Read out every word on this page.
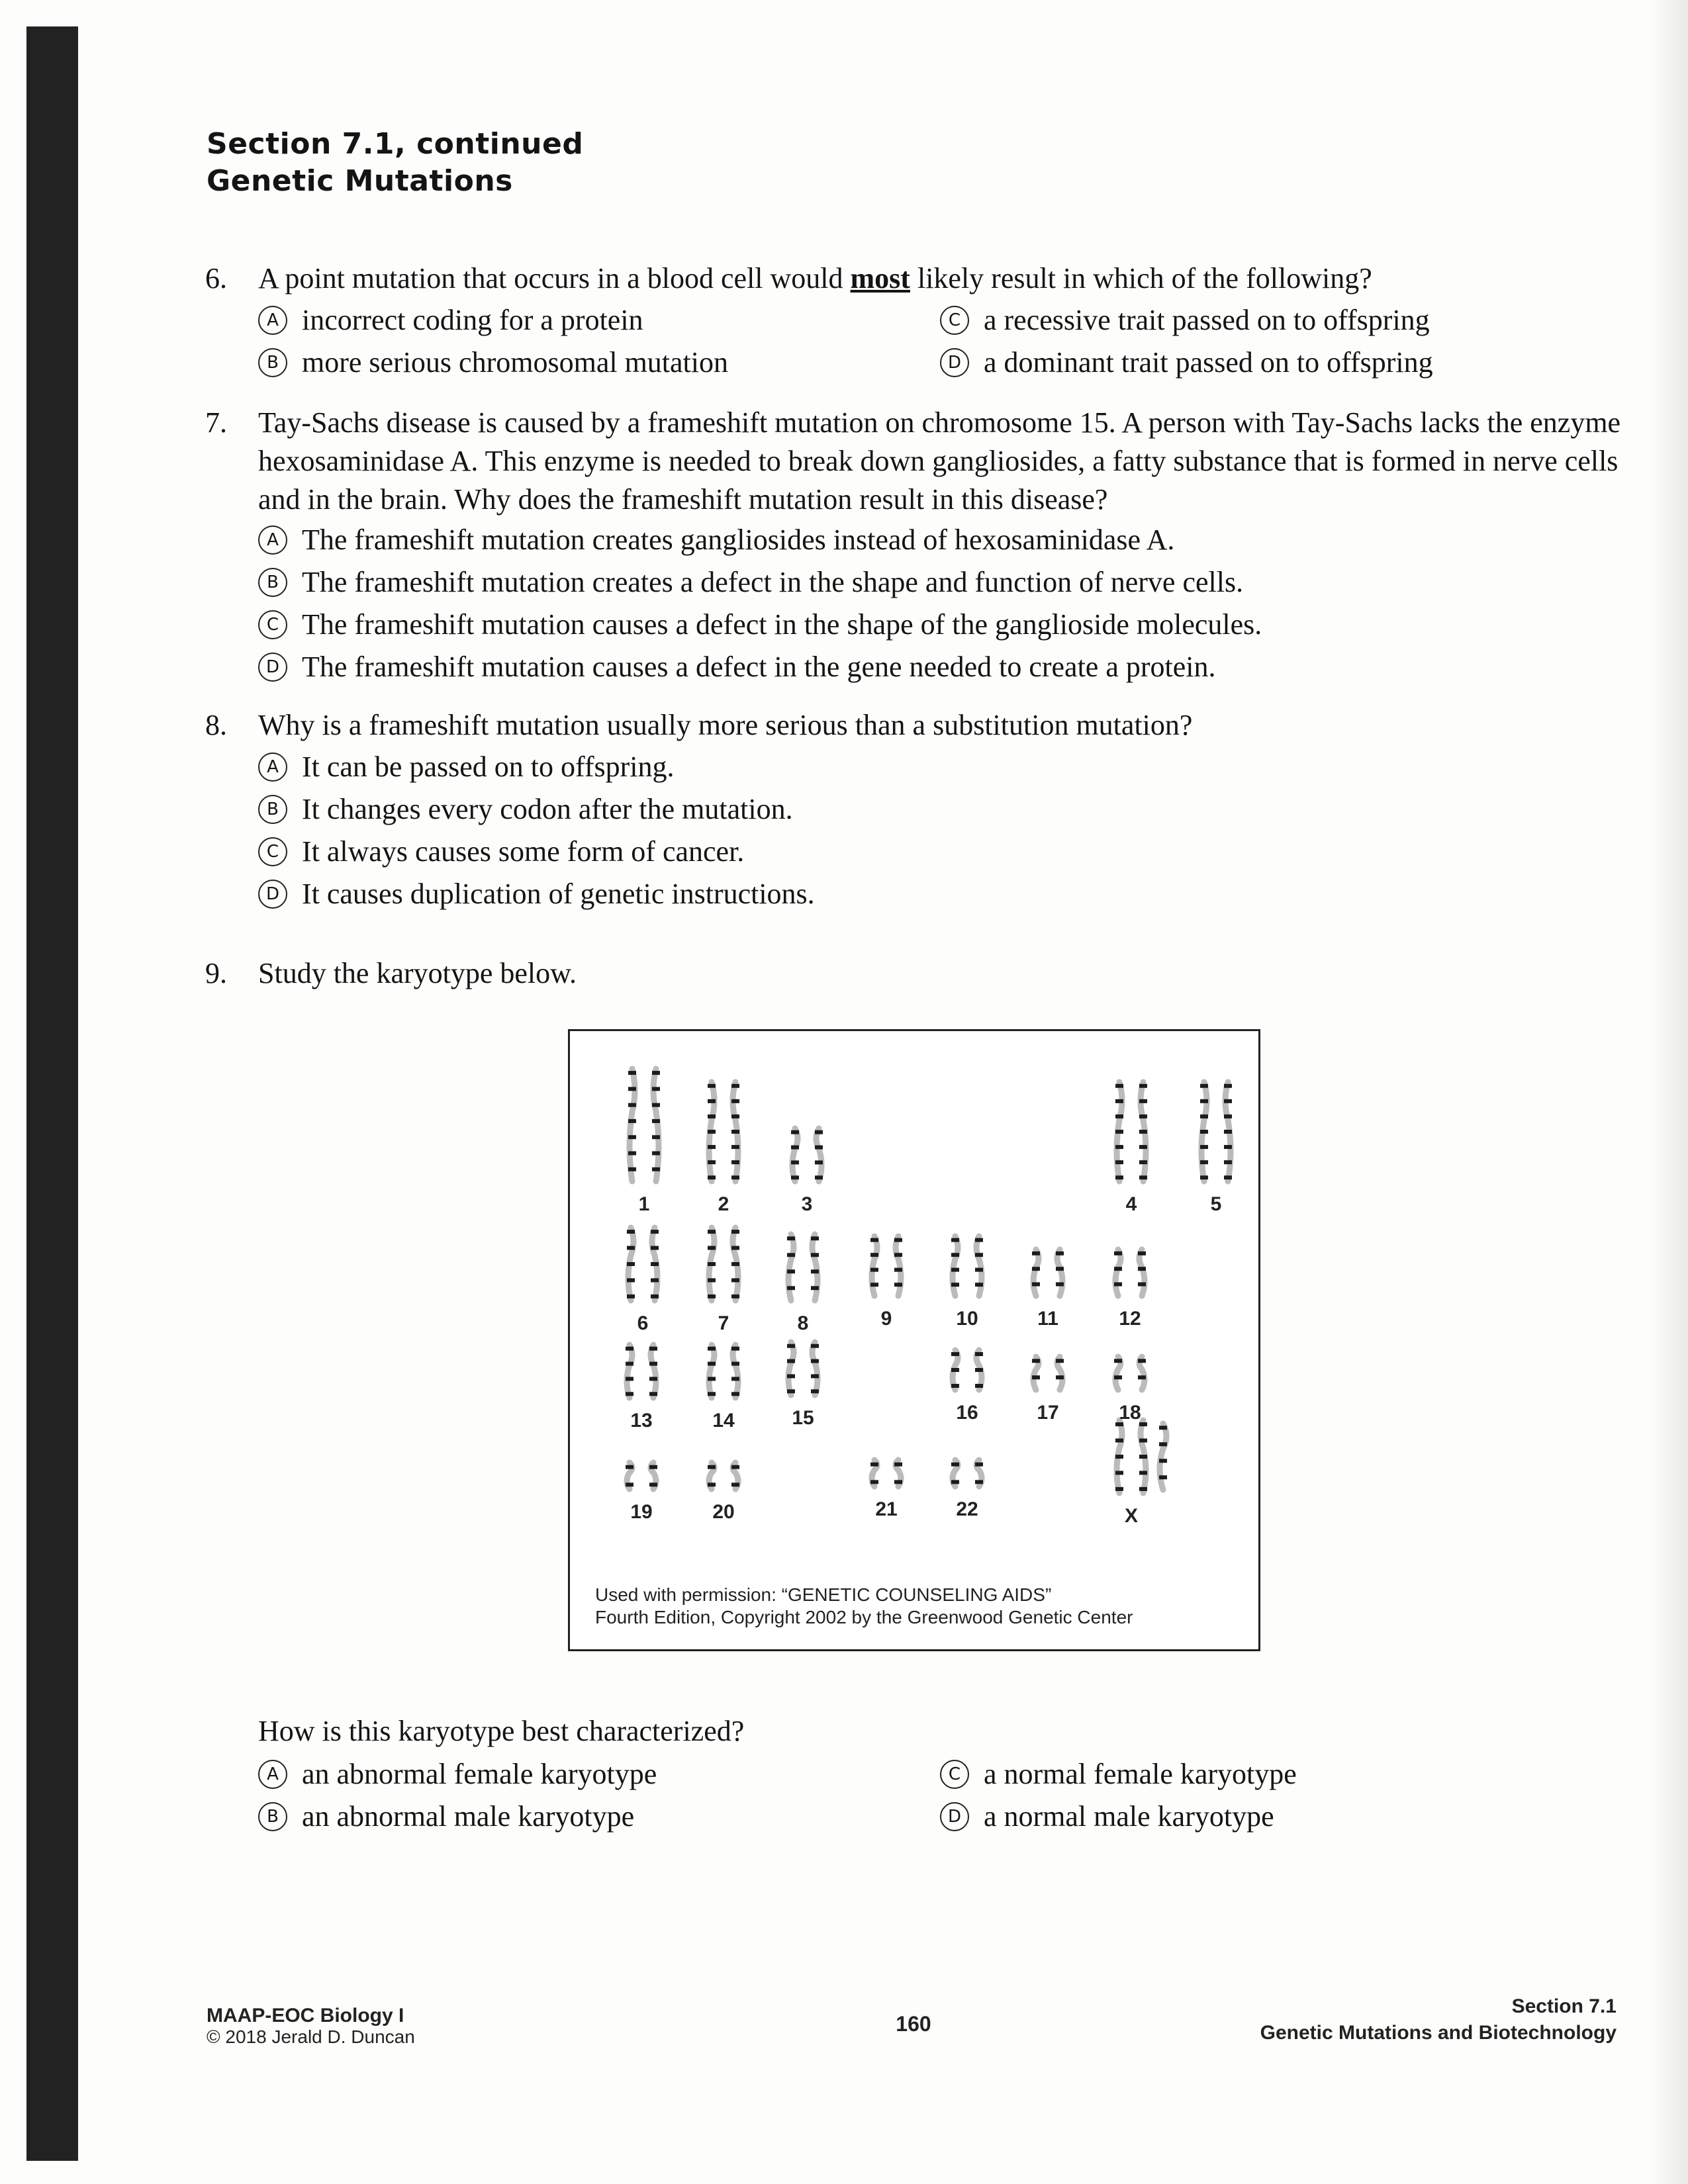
Section 7.1, continued
Genetic Mutations
6. A point mutation that occurs in a blood cell would most likely result in which of the following?
A incorrect coding for a protein	C a recessive trait passed on to offspring
B more serious chromosomal mutation	D a dominant trait passed on to offspring
7. Tay-Sachs disease is caused by a frameshift mutation on chromosome 15. A person with Tay-Sachs lacks the enzyme hexosaminidase A. This enzyme is needed to break down gangliosides, a fatty substance that is formed in nerve cells and in the brain. Why does the frameshift mutation result in this disease?
A The frameshift mutation creates gangliosides instead of hexosaminidase A.
B The frameshift mutation creates a defect in the shape and function of nerve cells.
C The frameshift mutation causes a defect in the shape of the ganglioside molecules.
D The frameshift mutation causes a defect in the gene needed to create a protein.
8. Why is a frameshift mutation usually more serious than a substitution mutation?
A It can be passed on to offspring.
B It changes every codon after the mutation.
C It always causes some form of cancer.
D It causes duplication of genetic instructions.
9. Study the karyotype below.
1	2	3	4	5
6	7	8	9	10	11	12
13	14	15	16	17	18
19	20	21	22	X
Used with permission: “GENETIC COUNSELING AIDS”
Fourth Edition, Copyright 2002 by the Greenwood Genetic Center
How is this karyotype best characterized?
A an abnormal female karyotype	C a normal female karyotype
B an abnormal male karyotype	D a normal male karyotype
MAAP-EOC Biology I
© 2018 Jerald D. Duncan
160
Section 7.1
Genetic Mutations and Biotechnology
